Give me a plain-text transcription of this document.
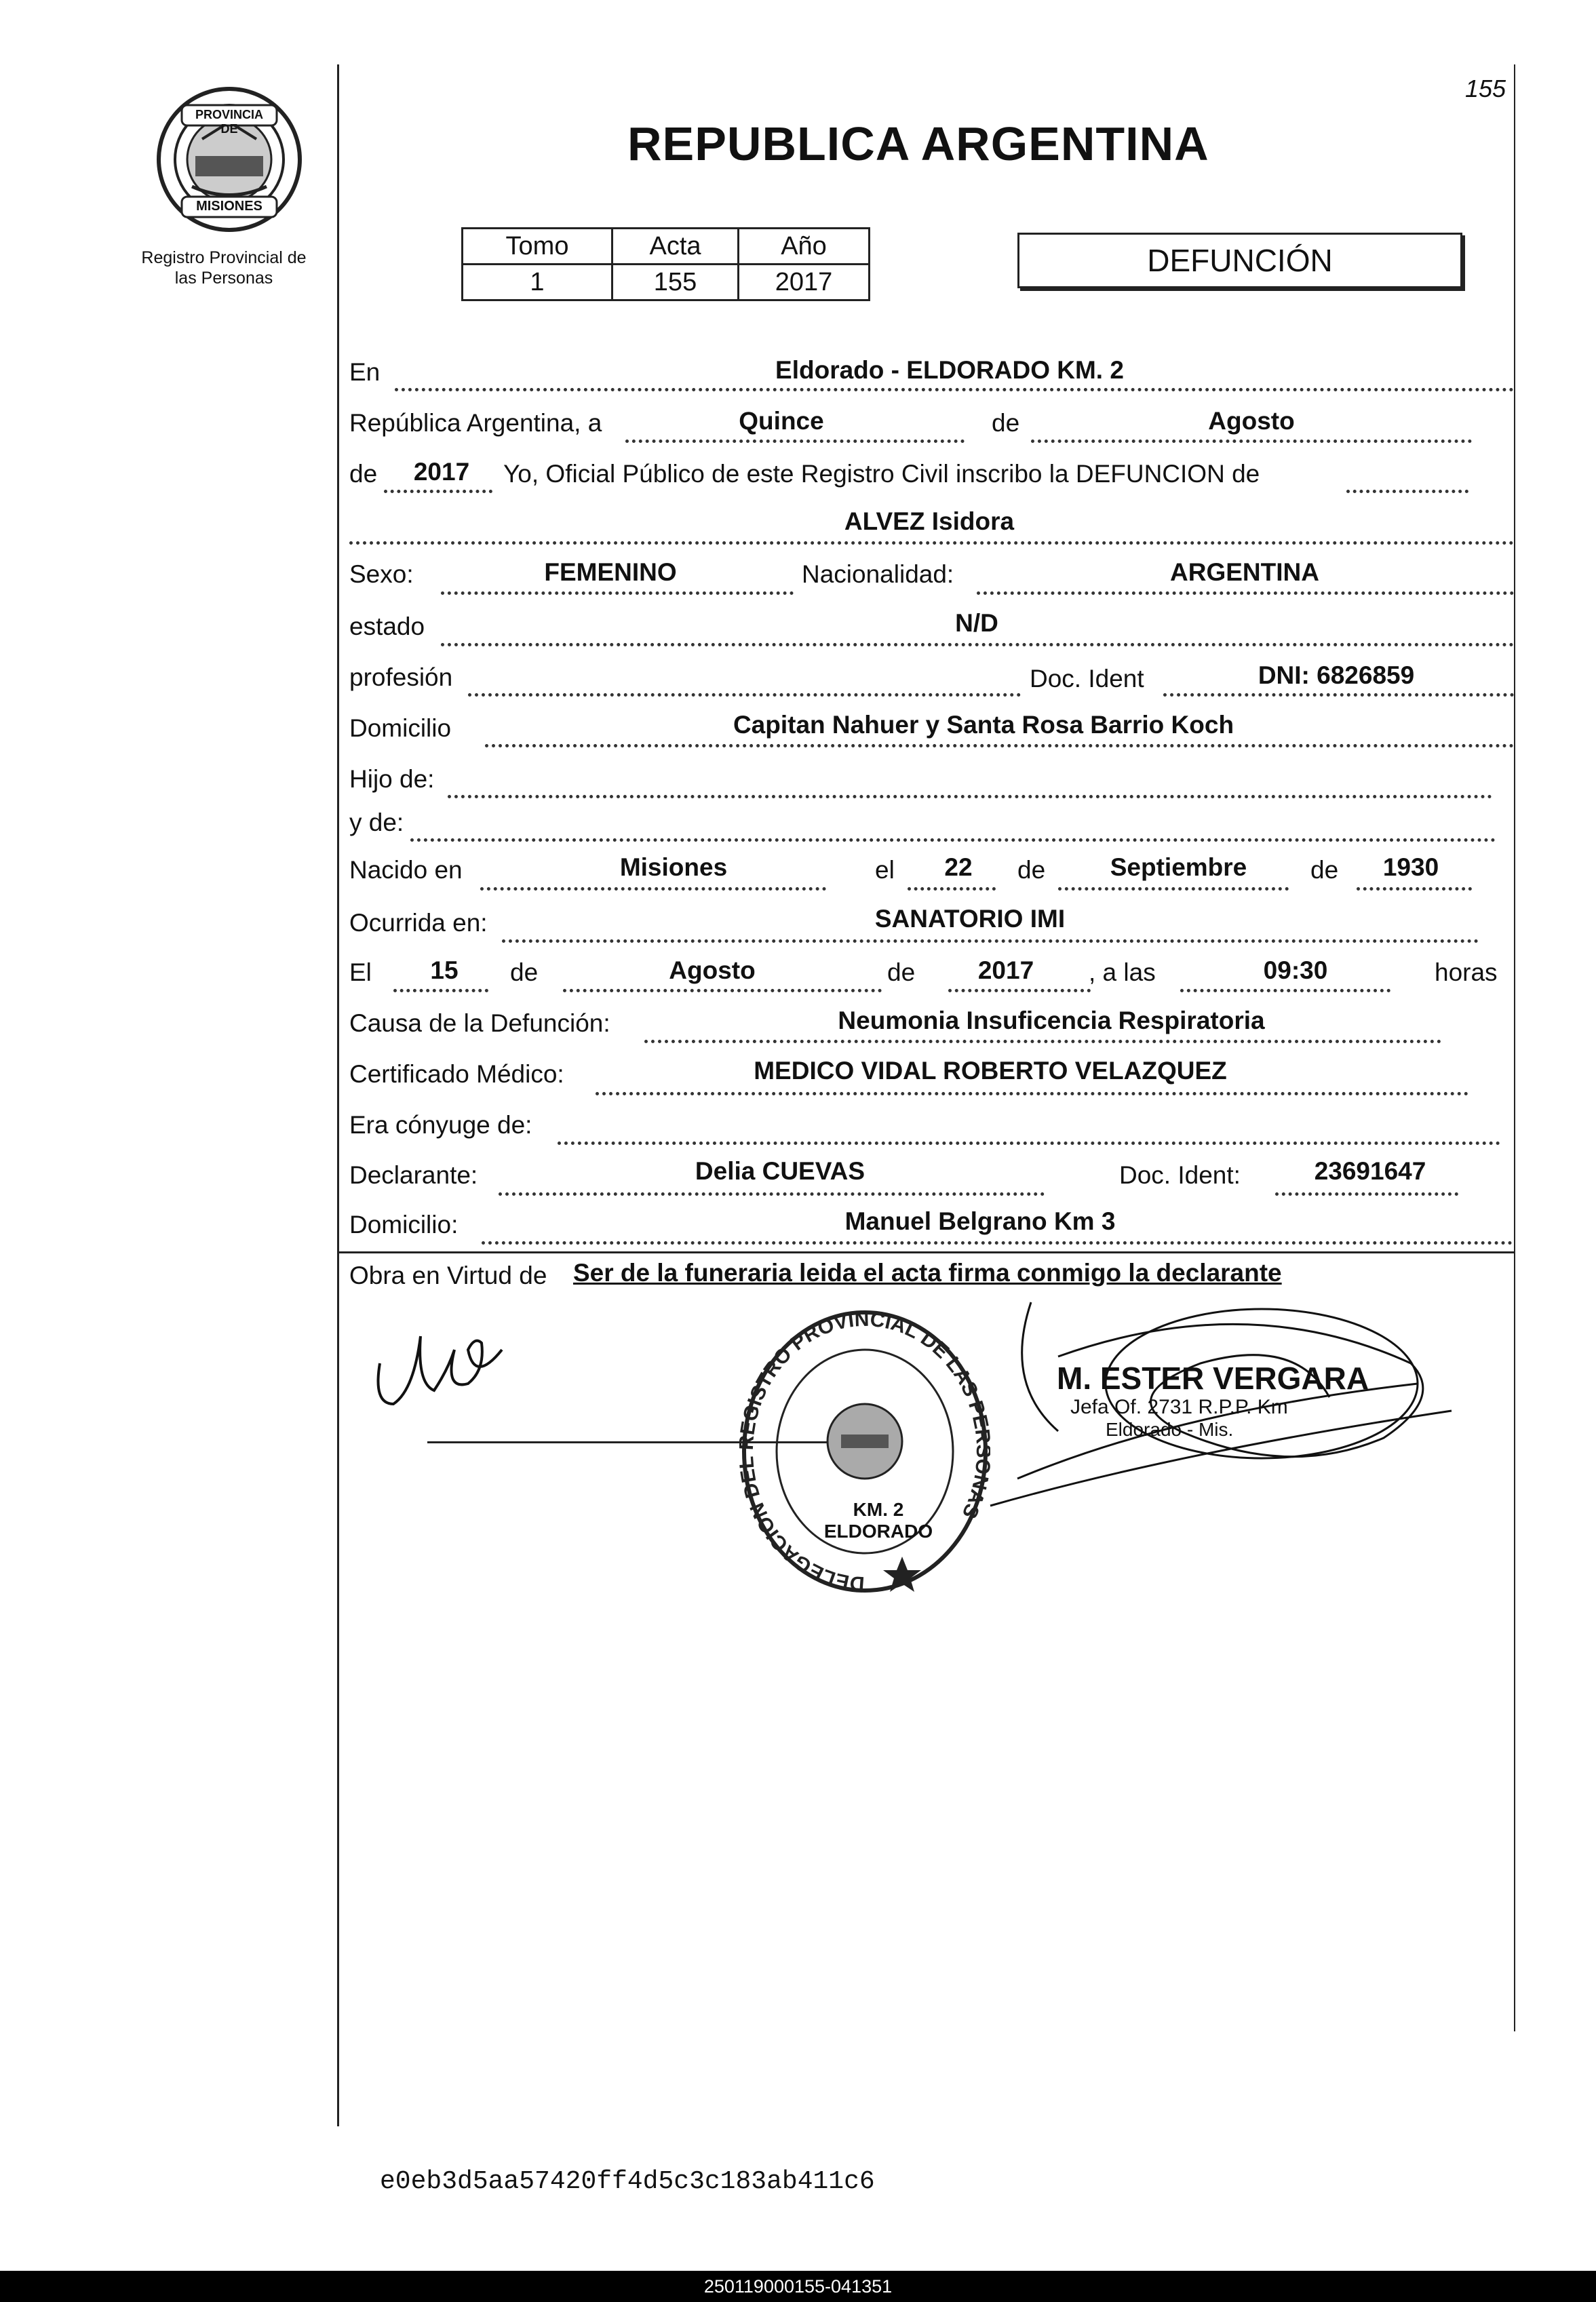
PROVINCIA DE
MISIONES
Registro Provincial de
las Personas
155
REPUBLICA ARGENTINA
Tomo	Acta	Año
1	155	2017
DEFUNCIÓN
En	Eldorado - ELDORADO KM. 2
República Argentina, a	Quince	de	Agosto
de	2017	Yo, Oficial Público de este Registro Civil inscribo la DEFUNCION de
ALVEZ Isidora
Sexo:	FEMENINO	Nacionalidad:	ARGENTINA
estado	N/D
profesión	Doc. Ident	DNI: 6826859
Domicilio	Capitan Nahuer y Santa Rosa Barrio Koch
Hijo de:
y de:
Nacido en	Misiones	el	22	de	Septiembre	de	1930
Ocurrida en:	SANATORIO IMI
El	15	de	Agosto	de	2017	, a las	09:30	horas
Causa de la Defunción:	Neumonia Insuficencia Respiratoria
Certificado Médico:	MEDICO VIDAL ROBERTO VELAZQUEZ
Era cónyuge de:
Declarante:	Delia CUEVAS	Doc. Ident:	23691647
Domicilio:	Manuel Belgrano Km 3
Obra en Virtud de Ser de la funeraria leida el acta firma conmigo la declarante
DELEGACION D GISTRO PROVINCIAL DE LAS PE NAS
KM. 2 ELDORADO
M. ESTER VERGARA
Jefa Of. 2731 R.P.P. Km
Eldorado - Mis.
e0eb3d5aa57420ff4d5c3c183ab411c6
250119000155-041351
